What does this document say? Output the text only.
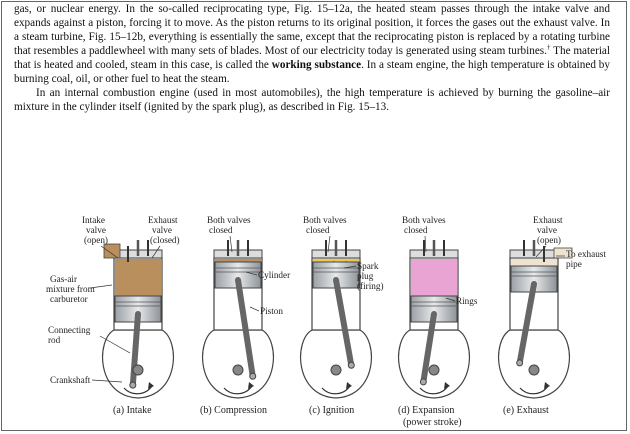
gas, or nuclear energy. In the so-called reciprocating type, Fig. 15–12a, the heated steam passes through the intake valve and expands against a piston, forcing it to move. As the piston returns to its original position, it forces the gases out the exhaust valve. In a steam turbine, Fig. 15–12b, everything is essentially the same, except that the reciprocating piston is replaced by a rotating turbine that resembles a paddlewheel with many sets of blades. Most of our electricity today is generated using steam turbines.† The material that is heated and cooled, steam in this case, is called the working substance. In a steam engine, the high temperature is obtained by burning coal, oil, or other fuel to heat the steam.

In an internal combustion engine (used in most automobiles), the high temperature is achieved by burning the gasoline–air mixture in the cylinder itself (ignited by the spark plug), as described in Fig. 15–13.

Intake
valve
(open)
Exhaust
valve
(closed)
Both valves
closed
Both valves
closed
Both valves
closed
Exhaust
valve
(open)
Gas-air
mixture from
carburetor
Connecting
rod
Crankshaft
Cylinder
Piston
Spark
plug
(firing)
Rings
To exhaust
pipe
(a) Intake	(b) Compression	(c) Ignition	(d) Expansion
(power stroke)
(e) Exhaust
